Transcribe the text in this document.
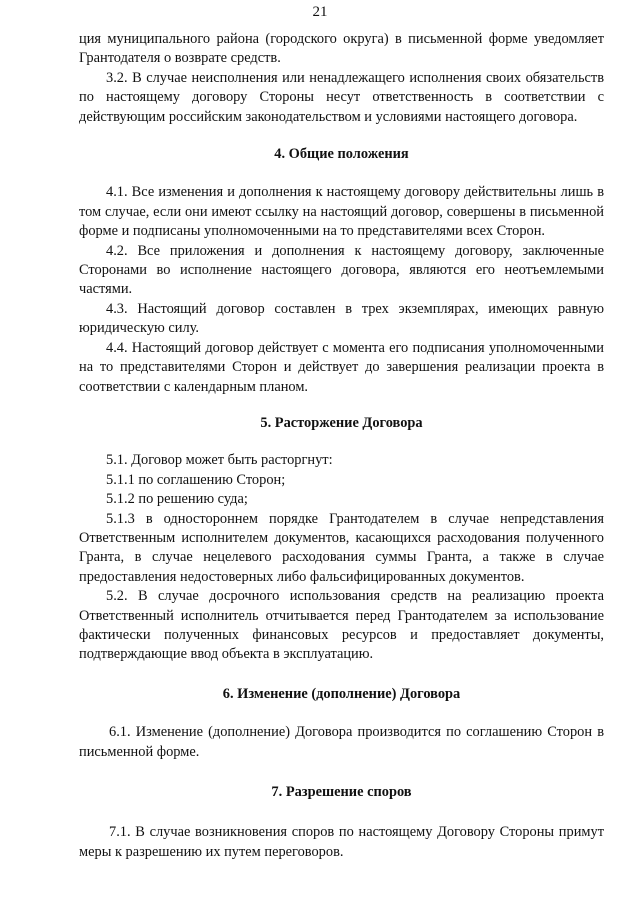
21

ция муниципального района (городского округа) в письменной форме уведомляет Грантодателя о возврате средств.

3.2. В случае неисполнения или ненадлежащего исполнения своих обязательств по настоящему договору Стороны несут ответственность в соответствии с действующим российским законодательством и условиями настоящего договора.

4. Общие положения

4.1. Все изменения и дополнения к настоящему договору действительны лишь в том случае, если они имеют ссылку на настоящий договор, совершены в письменной форме и подписаны уполномоченными на то представителями всех Сторон.

4.2. Все приложения и дополнения к настоящему договору, заключенные Сторонами во исполнение настоящего договора, являются его неотъемлемыми частями.

4.3. Настоящий договор составлен в трех экземплярах, имеющих равную юридическую силу.

4.4. Настоящий договор действует с момента его подписания уполномоченными на то представителями Сторон и действует до завершения реализации проекта в соответствии с календарным планом.

5. Расторжение Договора

5.1. Договор может быть расторгнут:

5.1.1 по соглашению Сторон;

5.1.2 по решению суда;

5.1.3 в одностороннем порядке Грантодателем в случае непредставления Ответственным исполнителем документов, касающихся расходования полученного Гранта, в случае нецелевого расходования суммы Гранта, а также в случае предоставления недостоверных либо фальсифицированных документов.

5.2. В случае досрочного использования средств на реализацию проекта Ответственный исполнитель отчитывается перед Грантодателем за использование фактически полученных финансовых ресурсов и предоставляет документы, подтверждающие ввод объекта в эксплуатацию.

6. Изменение (дополнение) Договора

6.1. Изменение (дополнение) Договора производится по соглашению Сторон в письменной форме.

7. Разрешение споров

7.1. В случае возникновения споров по настоящему Договору Стороны примут меры к разрешению их путем переговоров.
